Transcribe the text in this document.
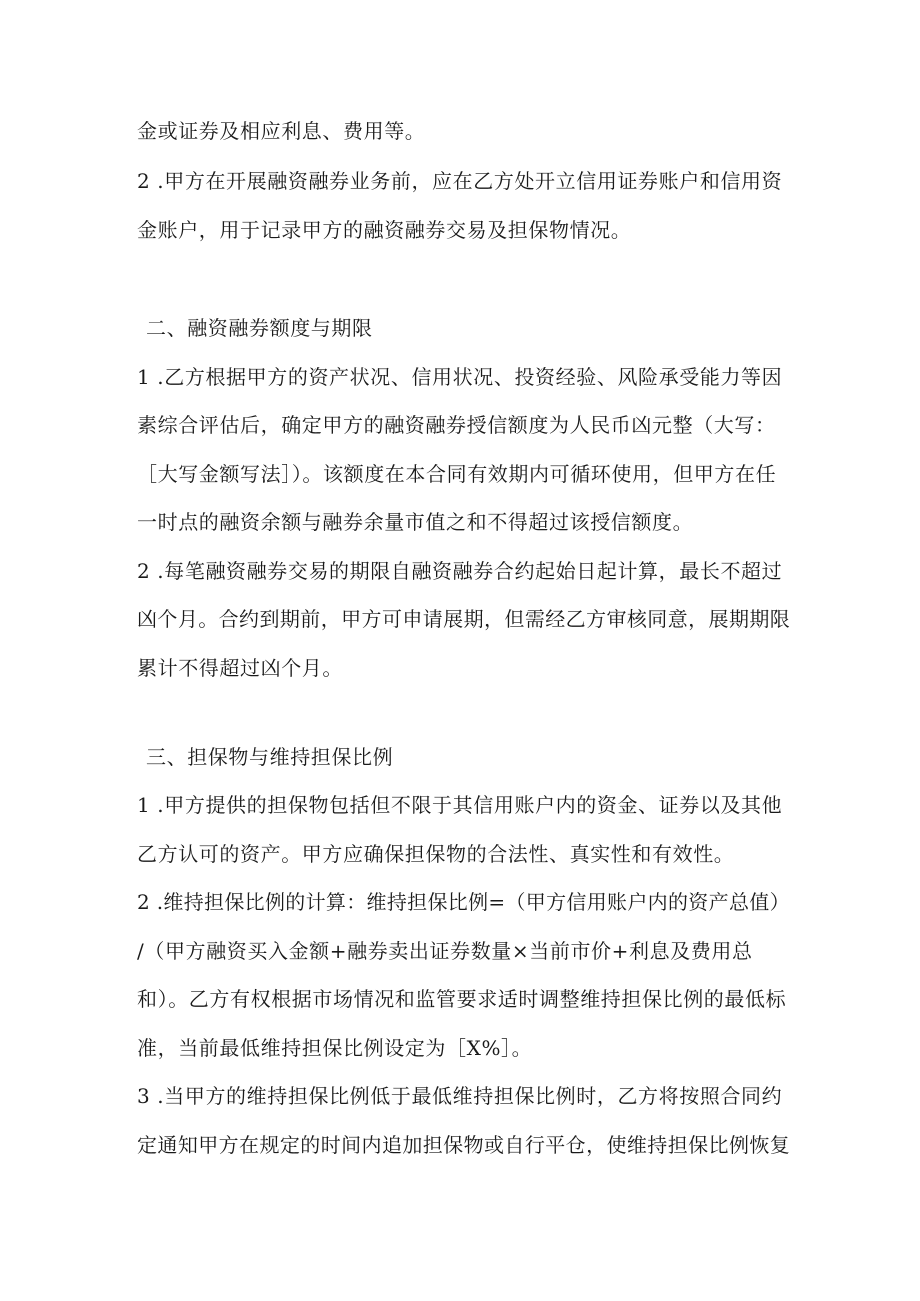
金或证券及相应利息、费用等。
2 .甲方在开展融资融券业务前，应在乙方处开立信用证券账户和信用资
金账户，用于记录甲方的融资融券交易及担保物情况。
二、融资融券额度与期限
1 .乙方根据甲方的资产状况、信用状况、投资经验、风险承受能力等因
素综合评估后，确定甲方的融资融券授信额度为人民币凶元整（大写：
［大写金额写法］）。该额度在本合同有效期内可循环使用，但甲方在任
一时点的融资余额与融券余量市值之和不得超过该授信额度。
2 .每笔融资融券交易的期限自融资融券合约起始日起计算，最长不超过
凶个月。合约到期前，甲方可申请展期，但需经乙方审核同意，展期期限
累计不得超过凶个月。
三、担保物与维持担保比例
1 .甲方提供的担保物包括但不限于其信用账户内的资金、证券以及其他
乙方认可的资产。甲方应确保担保物的合法性、真实性和有效性。
2 .维持担保比例的计算：维持担保比例=（甲方信用账户内的资产总值）
/（甲方融资买入金额+融券卖出证券数量×当前市价+利息及费用总
和）。乙方有权根据市场情况和监管要求适时调整维持担保比例的最低标
准，当前最低维持担保比例设定为［X%］。
3 .当甲方的维持担保比例低于最低维持担保比例时，乙方将按照合同约
定通知甲方在规定的时间内追加担保物或自行平仓，使维持担保比例恢复
